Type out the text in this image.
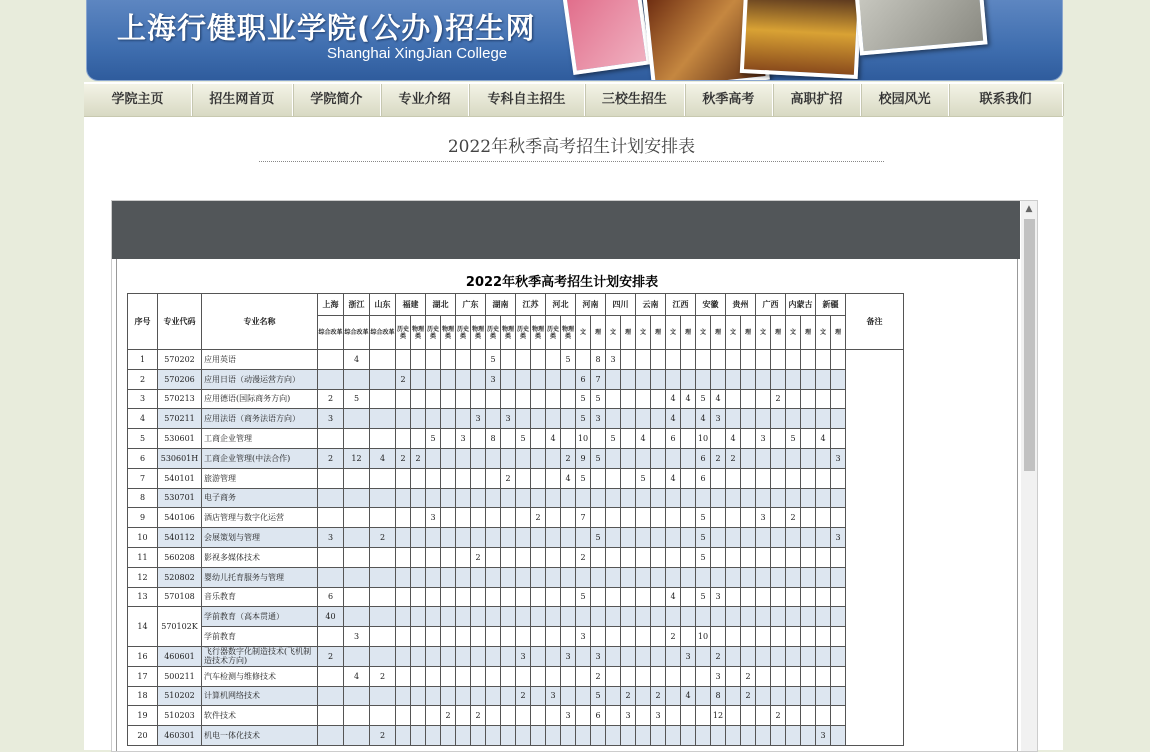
上海行健职业学院(公办)招生网
Shanghai XingJian College
学院主页	招生网首页	学院简介	专业介绍	专科自主招生	三校生招生	秋季高考	高职扩招	校园风光	联系我们
2022年秋季高考招生计划安排表
2022年秋季高考招生计划安排表
序号	专业代码	专业名称	上海	浙江	山东	福建		湖北		广东		湖南		江苏		河北		河南		四川		云南		江西		安徽		贵州		广西		内蒙古		新疆		备注
			综合改革	综合改革	综合改革	历史类	物理类	历史类	物理类	历史类	物理类	历史类	物理类	历史类	物理类	历史类	物理类	文	理	文	理	文	理	文	理	文	理	文	理	文	理	文	理	文	理	
1	570202	应用英语		4								5					5		8	3																
2	570206	应用日语（动漫运营方向）				2						3						6	7																	
3	570213	应用德语(国际商务方向)	2	5														5	5					4	4	5	4				2					
4	570211	应用法语（商务法语方向）	3								3		3					5	3					4		4	3									
5	530601	工商企业管理						5		3		8		5		4		10		5		4		6		10		4		3		5		4		
6	530601H	工商企业管理(中法合作)	2	12	4	2	2										2	9	5							6	2	2							3	
7	540101	旅游管理											2				4	5				5		4		6										
8	530701	电子商务																																		
9	540106	酒店管理与数字化运营						3							2			7								5				3		2				
10	540112	会展策划与管理	3		2														5							5									3	
11	560208	影视多媒体技术									2							2								5										
12	520802	婴幼儿托育服务与管理																																		
13	570108	音乐教育	6															5						4		5	3									
14	570102K	学前教育（高本贯通）	40																																	
		学前教育		3														3						2		10										
16	460601	飞行器数字化制造技术(飞机制造技术方向)	2											3			3		3						3		2									
17	500211	汽车检测与维修技术		4	2														2								3		2							
18	510202	计算机网络技术												2		3			5		2		2		4		8		2							
19	510203	软件技术							2		2						3		6		3		3				12				2					
20	460301	机电一体化技术			2																													3		
▲
